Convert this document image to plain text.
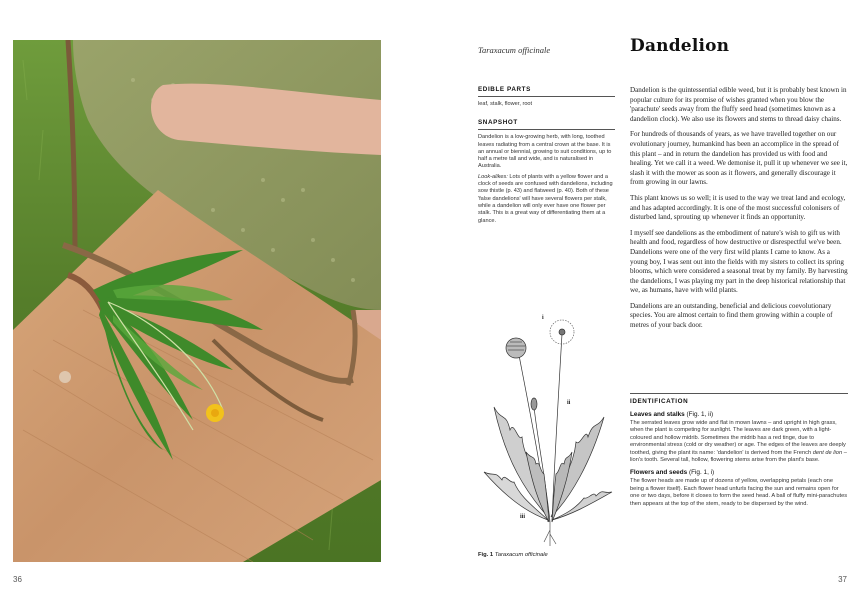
36
Taraxacum officinale	Dandelion
EDIBLE PARTS

leaf, stalk, flower, root

SNAPSHOT

Dandelion is a low-growing herb, with long, toothed leaves radiating from a central crown at the base. It is an annual or biennial, growing to suit conditions, up to half a metre tall and wide, and is naturalised in Australia.

Look-alikes: Lots of plants with a yellow flower and a clock of seeds are confused with dandelions, including sow thistle (p. 43) and flatweed (p. 40). Both of these 'false dandelions' will have several flowers per stalk, while a dandelion will only ever have one flower per stalk. This is a great way of differentiating them at a glance.

Dandelion is the quintessential edible weed, but it is probably best known in popular culture for its promise of wishes granted when you blow the 'parachute' seeds away from the fluffy seed head (sometimes known as a dandelion clock). We also use its flowers and stems to thread daisy chains.

For hundreds of thousands of years, as we have travelled together on our evolutionary journey, humankind has been an accomplice in the spread of this plant – and in return the dandelion has provided us with food and healing. Yet we call it a weed. We demonise it, pull it up whenever we see it, slash it with the mower as soon as it flowers, and generally discourage it from growing in our lawns.

This plant knows us so well; it is used to the way we treat land and ecology, and has adapted accordingly. It is one of the most successful colonisers of disturbed land, sprouting up whenever it finds an opportunity.

I myself see dandelions as the embodiment of nature's wish to gift us with health and food, regardless of how destructive or disrespectful we've been. Dandelions were one of the very first wild plants I came to know. As a young boy, I was sent out into the fields with my sisters to collect its spring blooms, which were considered a seasonal treat by my family. By harvesting the dandelions, I was playing my part in the deep historical relationship that we, as humans, have with wild plants.

Dandelions are an outstanding, beneficial and delicious coevolutionary species. You are almost certain to find them growing within a couple of metres of your back door.

IDENTIFICATION

Leaves and stalks (Fig. 1, ii)

The serrated leaves grow wide and flat in mown lawns – and upright in high grass, when the plant is competing for sunlight. The leaves are dark green, with a light-coloured and hollow midrib. Sometimes the midrib has a red tinge, due to environmental stress (cold or dry weather) or age. The edges of the leaves are deeply toothed, giving the plant its name: 'dandelion' is derived from the French dent de lion – lion's tooth. Several tall, hollow, flowering stems arise from the plant's base.

Flowers and seeds (Fig. 1, i)

The flower heads are made up of dozens of yellow, overlapping petals (each one being a flower itself). Each flower head unfurls facing the sun and remains open for one or two days, before it closes to form the seed head. A ball of fluffy mini-parachutes then appears at the top of the stem, ready to be dispersed by the wind.

i
ii
iii
Fig. 1 Taraxacum officinale
37
